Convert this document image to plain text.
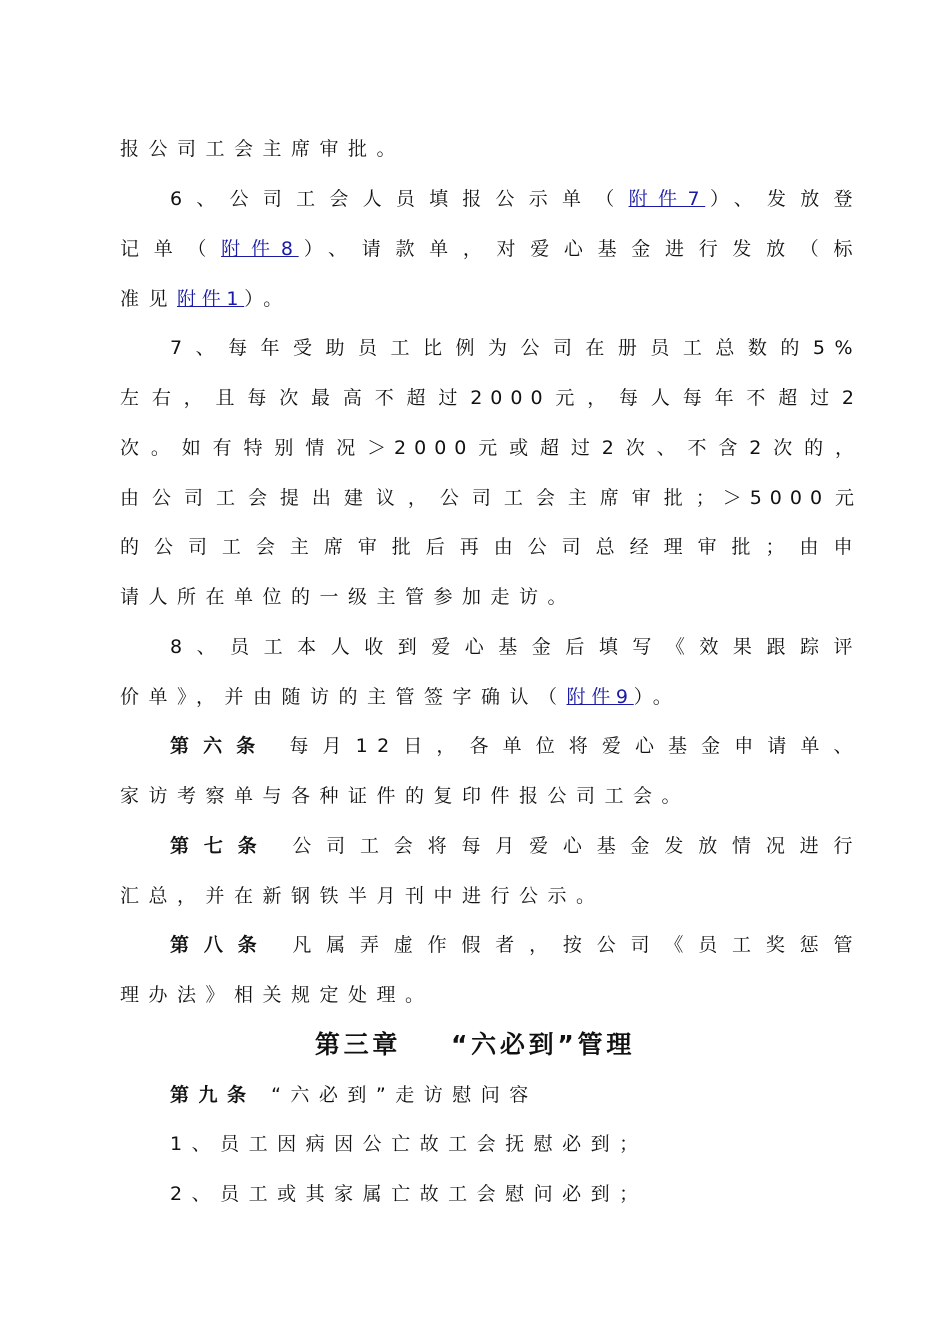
报公司工会主席审批。
6、公司工会人员填报公示单（附件7）、发放登
记单（附件8）、请款单，对爱心基金进行发放（标
准见附件1）。
7、每年受助员工比例为公司在册员工总数的5%
左右，且每次最高不超过2000元，每人每年不超过2
次。如有特别情况＞2000元或超过2次、不含2次的，
由公司工会提出建议，公司工会主席审批；＞5000元
的公司工会主席审批后再由公司总经理审批；由申
请人所在单位的一级主管参加走访。
8、员工本人收到爱心基金后填写《效果跟踪评
价单》，并由随访的主管签字确认（附件9）。
第六条 每月12日，各单位将爱心基金申请单、
家访考察单与各种证件的复印件报公司工会。
第七条 公司工会将每月爱心基金发放情况进行
汇总，并在新钢铁半月刊中进行公示。
第八条 凡属弄虚作假者，按公司《员工奖惩管
理办法》相关规定处理。
第三章    “六必到”管理
第九条 “六必到”走访慰问容
1、员工因病因公亡故工会抚慰必到；
2、员工或其家属亡故工会慰问必到；
